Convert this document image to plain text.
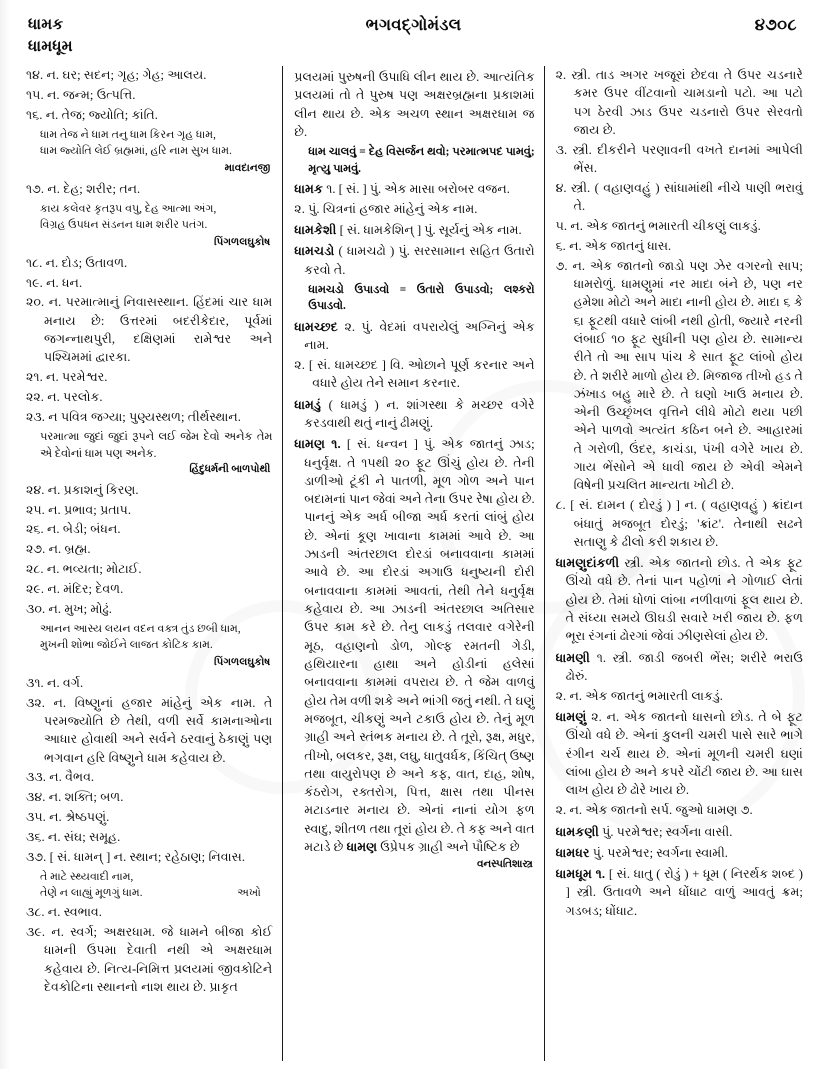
ધામક
ધામધૂમ
ભગવદ્ગોમંડલ	૪૭૦૮
૧૪. ન. ઘર; સદન; ગૃહ; ગેહ; આલય.
૧૫. ન. જન્મ; ઉત્પત્તિ.
૧૬. ન. તેજ; જ્યોતિ; કાંતિ.
ધામ તેજ ને ધામ તનુ ધામ કિરન ગૃહ ધામ,
ધામ જ્યોતિ લેઈ બ્રહ્મમાં, હરિ નામ સુખ ધામ.
માવદાનજી
૧૭. ન. દેહ; શરીર; તન.
કાય કલેવર કૃતરૂપ વપુ, દેહ આત્મા અંગ,
વિગ્રહ ઉપધન સંડનન ધામ શરીર પતંગ.
પિંગળલઘુકોષ
૧૮. ન. દોડ; ઉતાવળ.
૧૯. ન. ધન.
૨૦. ન. પરમાત્માનું નિવાસસ્થાન. હિંદમાં ચાર ધામ મનાય છે: ઉત્તરમાં બદરીકેદાર, પૂર્વમાં જગન્નાથપુરી, દક્ષિણમાં રામેશ્વર અને પશ્ચિમમાં દ્વારકા.
૨૧. ન. પરમેશ્વર.
૨૨. ન. પરલોક.
૨૩. ન પવિત્ર જગ્યા; પુણ્યસ્થળ; તીર્થસ્થાન.
પરમાત્મા જુદાં જુદાં રૂપને લઈ જેમ દેવો અનેક તેમ એ દેવોનાં ધામ પણ અનેક.
હિંદુધર્મની બાળપોથી
૨૪. ન. પ્રકાશનું કિરણ.
૨૫. ન. પ્રભાવ; પ્રતાપ.
૨૬. ન. બેડી; બંધન.
૨૭. ન. બ્રહ્મ.
૨૮. ન. ભવ્યતા; મોટાઈ.
૨૯. ન. મંદિર; દેવળ.
૩૦. ન. મુખ; મોઢું.
આનન આસ્ય લયન વદન વક્ત્ર તુંડ છબી ધામ,
મુખની શોભા જોઈને લાજત કોટિક કામ.
પિંગળલઘુકોષ
૩૧. ન. વર્ગ.
૩૨. ન. વિષ્ણુનાં હજાર માંહેનું એક નામ. તે પરમજ્યોતિ છે તેથી, વળી સર્વે કામનાઓના આધાર હોવાથી અને સર્વને ઠરવાનું ઠેકાણું પણ ભગવાન હરિ વિષ્ણુને ધામ કહેવાય છે.
૩૩. ન. વૈભવ.
૩૪. ન. શક્તિ; બળ.
૩૫. ન. શ્રેષ્ઠપણું.
૩૬. ન. સંઘ; સમૂહ.
૩૭. [ સં. ધામન્ ] ન. સ્થાન; રહેઠાણ; નિવાસ.
તે માટે સ્થ્યવાદી નામ,
તેણે ન લાહ્યું મૂળગું ધામ.	અખો
૩૮. ન. સ્વભાવ.
૩૯. ન. સ્વર્ગ; અક્ષરધામ. જે ધામને બીજા કોઈ ધામની ઉપમા દેવાતી નથી એ અક્ષરધામ કહેવાય છે. નિત્ય-નિમિત્ત પ્રલયમાં જીવકોટિને દેવકોટિના સ્થાનનો નાશ થાય છે. પ્રાકૃત
પ્રલયમાં પુરુષની ઉપાધિ લીન થાય છે. આત્યંતિક પ્રલયમાં તો તે પુરુષ પણ અક્ષરબ્રહ્મના પ્રકાશમાં લીન થાય છે. એક અચળ સ્થાન અક્ષરધામ જ છે.
ધામ ચાલવું = દેહ વિસર્જન થવો; પરમાત્મપદ પામવું; મૃત્યુ પામવું.
ધામક ૧. [ સં. ] પું. એક માસા બરોબર વજન.
૨. પું. ચિત્રનાં હજાર માંહેનું એક નામ.
ધામકેશી [ સં. ધામકેશિન્ ] પું. સૂર્યનું એક નામ.
ધામચડો ( ધામચઢો ) પું. સરસામાન સહિત ઉતારો કરવો તે.
ધામચડો ઉપાડવો = ઉતારો ઉપાડવો; લશ્કરો ઉપાડવો.
ધામચ્છદ ૨. પું. વેદમાં વપરાયેલું અગ્નિનું એક નામ.
૨. [ સં. ધામચ્છદ ] વિ. ઓછાને પૂર્ણ કરનાર અને વધારે હોય તેને સમાન કરનાર.
ધામડું ( ધામડું ) ન. શાંગસ્થા કે મચ્છર વગેરે કરડવાથી થતું નાનું ઢીમણું.
ધામણ ૧. [ સં. ધન્વન ] પું. એક જાતનું ઝાડ; ધનુર્વૃક્ષ. તે ૧૫થી ૨૦ ફૂટ ઊંચું હોય છે. તેની ડાળીઓ ટૂંકી ને પાતળી, મૂળ ગોળ અને પાન બદામનાં પાન જેવાં અને તેના ઉપર રેષા હોય છે. પાનનું એક અર્ધ બીજા અર્ધ કરતાં લાંબું હોય છે. એનાં કૂણ ખાવાના કામમાં આવે છે. આ ઝાડની અંતરછાલ દોરડાં બનાવવાના કામમાં આવે છે. આ દોરડાં અગાઉ ધનુષ્યની દોરી બનાવવાના કામમાં આવતાં, તેથી તેને ધનુર્વૃક્ષ કહેવાય છે. આ ઝાડની અંતરછાલ અતિસાર ઉપર કામ કરે છે. તેનુ લાકડું તલવાર વગેરેની મૂઠ, વહાણનો ડોળ, ગોલ્ફ રમતની ગેડી, હથિયારના હાથા અને હોડીનાં હલેસાં બનાવવાના કામમાં વપરાય છે. તે જેમ વાળવું હોય તેમ વળી શકે અને ભાંગી જતું નથી. તે ઘણું મજબૂત, ચીકણું અને ટકાઉ હોય છે. તેનું મૂળ ગ્રાહી અને સ્તંભક મનાય છે. તે તૂરો, રૂક્ષ, મધુર, તીખો, બલકર, રૂક્ષ, લઘુ, ધાતુવર્ધક, કિંચિત્ ઉષ્ણ તથા વાયુરોપણ છે અને કફ, વાત, દાહ, શોષ, કંઠરોગ, રક્તરોગ, પિત્ત, ક્ષાસ તથા પીનસ મટાડનાર મનાય છે. એનાં નાનાં યોગ ફળ સ્વાદુ, શીતળ તથા તૂરાં હોય છે. તે કફ અને વાત મટાડે છે ધામણ ઉપ્રેપક ગ્રાહી અને પૌષ્ટિક છે
વનસ્પતિશાસ્ત્ર
૨. સ્ત્રી. તાડ અગર ખજૂરાં છેદવા તે ઉપર ચડનારે કમર ઉપર વીંટવાનો ચામડાનો પટો. આ પટો પગ ઠેરવી ઝાડ ઉપર ચડનારો ઉપર સેરવતો જાય છે.
૩. સ્ત્રી. દીકરીને પરણાવની વખતે દાનમાં આપેલી ભેંસ.
૪. સ્ત્રી. ( વહાણવહું ) સાંધામાંથી નીચે પાણી ભરાવું તે.
૫. ન. એક જાતનું ભમારતી ચીકણું લાકડું.
૬. ન. એક જાતનું ધાસ.
૭. ન. એક જાતનો જાડો પણ ઝેર વગરનો સાપ; ધામરોળું. ધામણુમાં નર માદા બંને છે, પણ નર હમેશા મોટો અને માદા નાની હોય છે. માદા ૬ કે ૬ા ફૂટથી વધારે લાંબી નથી હોતી, જ્યારે નરની લંબાઈ ૧૦ ફૂટ સુધીની પણ હોય છે. સામાન્ય રીતે તો આ સાપ પાંચ કે સાત ફૂટ લાંબો હોય છે. તે શરીરે માળો હોય છે. મિજાજ તીખો હડ તે ઝંખાડ બહુ મારે છે. તે ઘણો ખાઉ મનાય છે. એની ઉચ્છૃંખલ વૃત્તિને લીધે મોટો થયા પછી એને પાળવો અત્યંત કઠિન બને છે. આહારમાં તે ગરોળી, ઉંદર, કાચંડા, પંખી વગેરે ખાય છે. ગાય ભેંસોને એ ધાવી જાય છે એવી એમને વિષેની પ્રચલિત માન્યતા ખોટી છે.
૮. [ સં. દામન ( દોરડું ) ] ન. ( વહાણવહું ) ક્રાંદાન બંધાતું મજબૂત દોરડું; 'ક્રાંટ'. તેનાથી સઢને સતાણુ કે ઢીલો કરી શકાય છે.
ધામણુદાંકળી સ્ત્રી. એક જાતનો છોડ. તે એક ફૂટ ઊંચો વધે છે. તેનાં પાન પહોળાં ને ગોળાઈ લેતાં હોય છે. તેમાં ધોળાં લાંબા નળીવાળાં ફૂલ થાય છે. તે સંધ્યા સમયે ઊઘડી સવારે ખરી જાય છે. ફળ ભૂરા રંગનાં ઢોરગાં જેવાં ઝીણસેલાં હોય છે.
ધામણી ૧. સ્ત્રી. જાડી જબરી ભેંસ; શરીરે ભરાઉ ઢોરું.
૨. ન. એક જાતનું ભમારતી લાકડું.
ધામણું ૨. ન. એક જાતનો ધાસનો છોડ. તે બે ફૂટ ઊંચો વધે છે. એનાં કુલની ચમરી પાસે સારે ભાગે રંગીન ચર્ચ થાય છે. એનાં મૂળની ચમરી ઘણાં લાંબા હોય છે અને કપરે ચોંટી જાય છે. આ ઘાસ લાખ હોય છે ઢોરે ખાય છે.
૨. ન. એક જાતનો સર્પ. જુઓ ધામણ ૭.
ધામકણી પું. પરમેશ્વર; સ્વર્ગના વાસી.
ધામધર પું. પરમેશ્વર; સ્વર્ગના સ્વામી.
ધામધૂમ ૧. [ સં. ધાતુ ( રોડું ) + ધૂમ ( નિરર્થક શબ્દ ) ] સ્ત્રી. ઉતાવળે અને ધોંધાટ વાળું આવતું ક્રમ; ગડબડ; ધોંધાટ.
